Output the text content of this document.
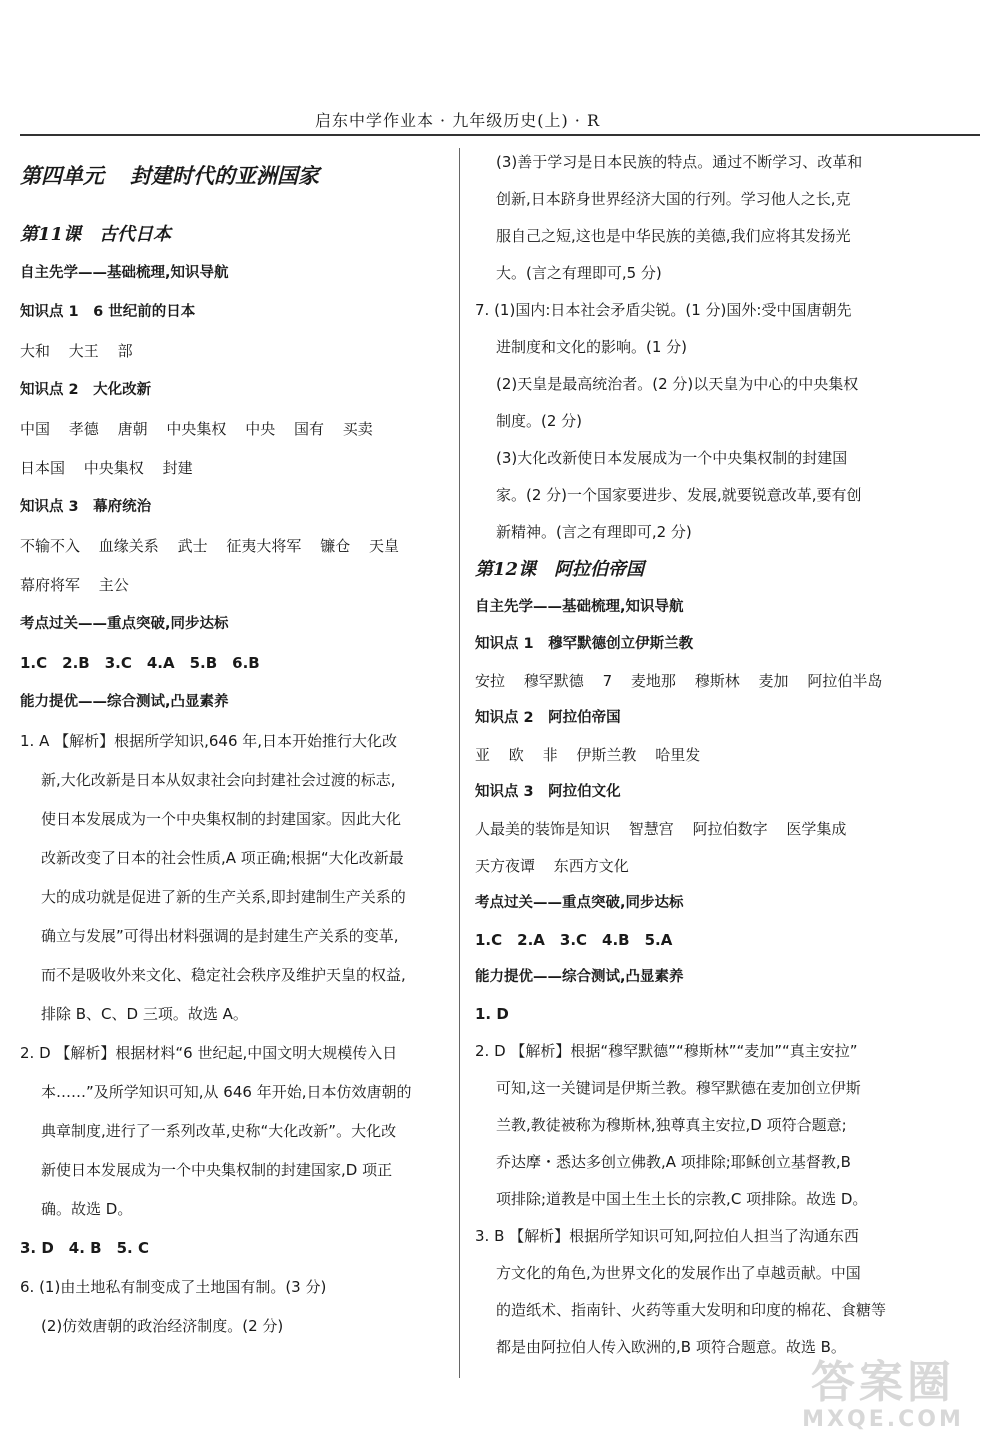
启东中学作业本 · 九年级历史(上) · R
第四单元 封建时代的亚洲国家
第11课 古代日本
自主先学——基础梳理,知识导航
知识点 1　6 世纪前的日本
大和 大王 部
知识点 2　大化改新
中国 孝德 唐朝 中央集权 中央 国有 买卖
日本国 中央集权 封建
知识点 3　幕府统治
不输不入 血缘关系 武士 征夷大将军 镰仓 天皇
幕府将军 主公
考点过关——重点突破,同步达标
1.C　2.B　3.C　4.A　5.B　6.B
能力提优——综合测试,凸显素养
1. A 【解析】根据所学知识,646 年,日本开始推行大化改
新,大化改新是日本从奴隶社会向封建社会过渡的标志,
使日本发展成为一个中央集权制的封建国家。因此大化
改新改变了日本的社会性质,A 项正确;根据“大化改新最
大的成功就是促进了新的生产关系,即封建制生产关系的
确立与发展”可得出材料强调的是封建生产关系的变革,
而不是吸收外来文化、稳定社会秩序及维护天皇的权益,
排除 B、C、D 三项。故选 A。
2. D 【解析】根据材料“6 世纪起,中国文明大规模传入日
本……”及所学知识可知,从 646 年开始,日本仿效唐朝的
典章制度,进行了一系列改革,史称“大化改新”。大化改
新使日本发展成为一个中央集权制的封建国家,D 项正
确。故选 D。
3. D　4. B　5. C
6. (1)由土地私有制变成了土地国有制。(3 分)
(2)仿效唐朝的政治经济制度。(2 分)
(3)善于学习是日本民族的特点。通过不断学习、改革和
创新,日本跻身世界经济大国的行列。学习他人之长,克
服自己之短,这也是中华民族的美德,我们应将其发扬光
大。(言之有理即可,5 分)
7. (1)国内:日本社会矛盾尖锐。(1 分)国外:受中国唐朝先
进制度和文化的影响。(1 分)
(2)天皇是最高统治者。(2 分)以天皇为中心的中央集权
制度。(2 分)
(3)大化改新使日本发展成为一个中央集权制的封建国
家。(2 分)一个国家要进步、发展,就要锐意改革,要有创
新精神。(言之有理即可,2 分)
第12课 阿拉伯帝国
自主先学——基础梳理,知识导航
知识点 1　穆罕默德创立伊斯兰教
安拉 穆罕默德 7 麦地那 穆斯林 麦加 阿拉伯半岛
知识点 2　阿拉伯帝国
亚 欧 非 伊斯兰教 哈里发
知识点 3　阿拉伯文化
人最美的装饰是知识 智慧宫 阿拉伯数字 医学集成
天方夜谭 东西方文化
考点过关——重点突破,同步达标
1.C　2.A　3.C　4.B　5.A
能力提优——综合测试,凸显素养
1. D
2. D 【解析】根据“穆罕默德”“穆斯林”“麦加”“真主安拉”
可知,这一关键词是伊斯兰教。穆罕默德在麦加创立伊斯
兰教,教徒被称为穆斯林,独尊真主安拉,D 项符合题意;
乔达摩・悉达多创立佛教,A 项排除;耶稣创立基督教,B
项排除;道教是中国土生土长的宗教,C 项排除。故选 D。
3. B 【解析】根据所学知识可知,阿拉伯人担当了沟通东西
方文化的角色,为世界文化的发展作出了卓越贡献。中国
的造纸术、指南针、火药等重大发明和印度的棉花、食糖等
都是由阿拉伯人传入欧洲的,B 项符合题意。故选 B。
答案圈
MXQE.COM
